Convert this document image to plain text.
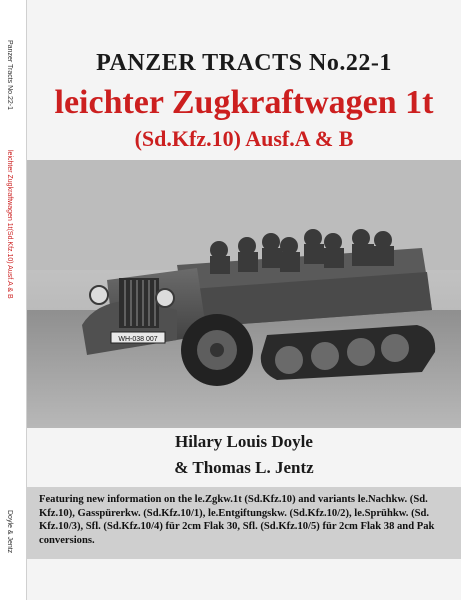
Panzer Tracts No.22-1
leichter Zugkraftwagen 1t(Sd.Kfz.10) Ausf.A & B
Doyle & Jentz
PANZER TRACTS No.22-1
leichter Zugkraftwagen 1t
(Sd.Kfz.10) Ausf.A & B
WH-038 007
Hilary Louis Doyle
& Thomas L. Jentz

Featuring new information on the le.Zgkw.1t (Sd.Kfz.10) and variants le.Nachkw. (Sd. Kfz.10), Gasspürerkw. (Sd.Kfz.10/1), le.Entgiftungskw. (Sd.Kfz.10/2), le.Sprühkw. (Sd. Kfz.10/3), Sfl. (Sd.Kfz.10/4) für 2cm Flak 30, Sfl. (Sd.Kfz.10/5) für 2cm Flak 38 and Pak conversions.
